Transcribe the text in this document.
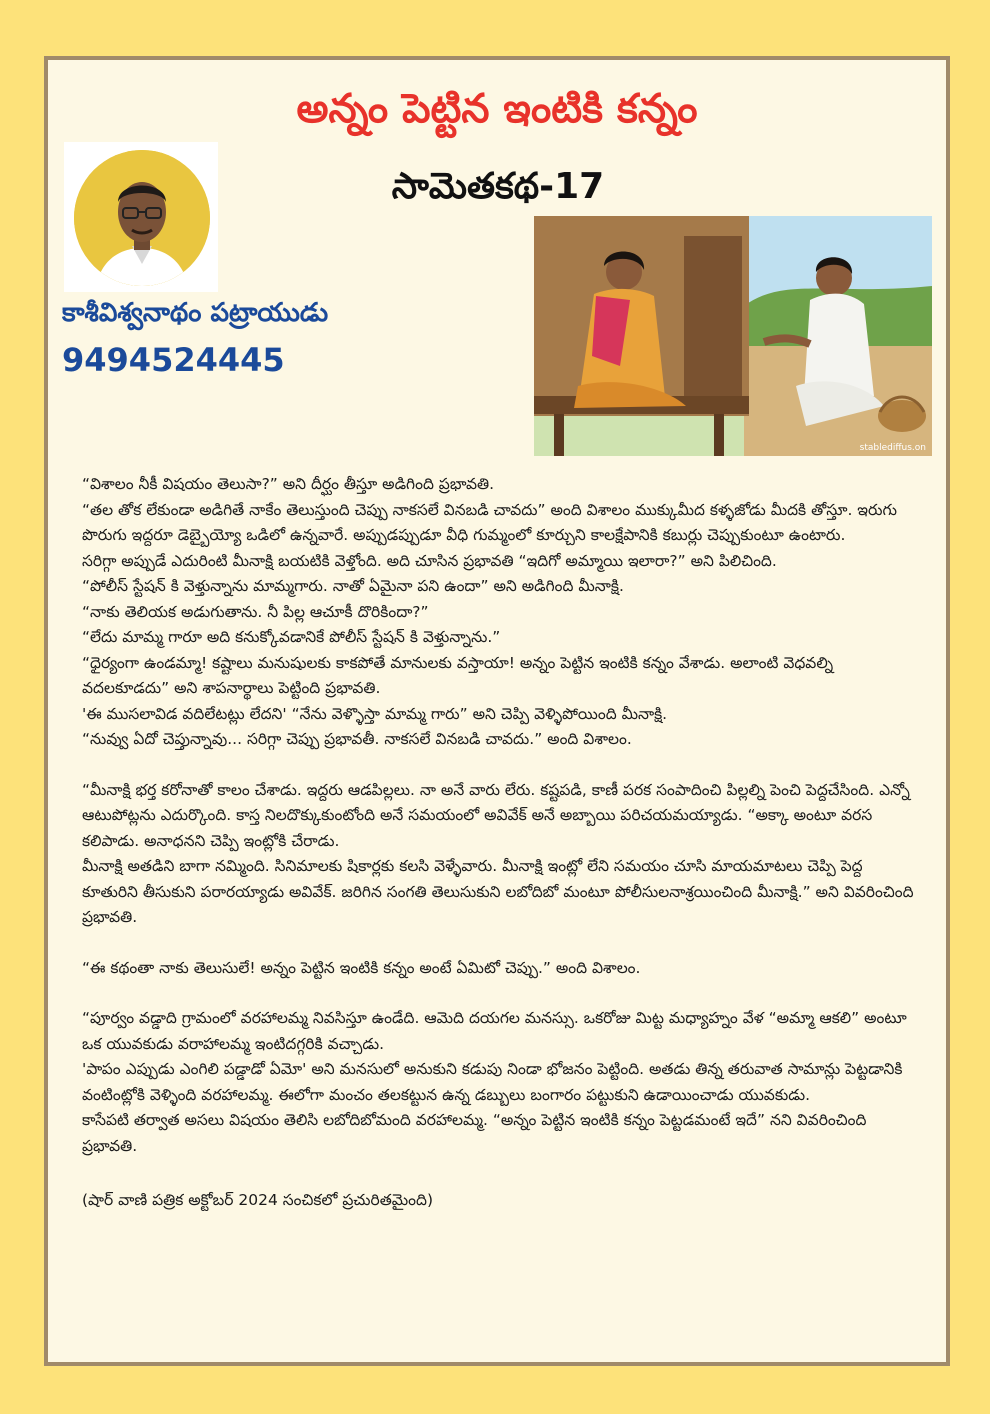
అన్నం పెట్టిన ఇంటికి కన్నం
సామెతకథ-17
కాశీవిశ్వనాథం పట్రాయుడు
9494524445
stablediffus.on

“విశాలం నీకీ విషయం తెలుసా?” అని దీర్ఘం తీస్తూ అడిగింది ప్రభావతి.

“తల తోక లేకుండా అడిగితే నాకేం తెలుస్తుంది చెప్పు నాకసలే వినబడి చావదు” అంది విశాలం ముక్కుమీద కళ్ళజోడు మీదకి తోస్తూ. ఇరుగు పొరుగు ఇద్దరూ డెబ్బైయ్యో ఒడిలో ఉన్నవారే. అప్పుడప్పుడూ వీధి గుమ్మంలో కూర్చుని కాలక్షేపానికి కబుర్లు చెప్పుకుంటూ ఉంటారు.

సరిగ్గా అప్పుడే ఎదురింటి మీనాక్షి బయటికి వెళ్తోంది. అది చూసిన ప్రభావతి “ఇదిగో అమ్మాయి ఇలారా?” అని పిలిచింది.

“పోలీస్ స్టేషన్ కి వెళ్తున్నాను మామ్మగారు. నాతో ఏమైనా పని ఉందా” అని అడిగింది మీనాక్షి.

“నాకు తెలియక అడుగుతాను. నీ పిల్ల ఆచూకీ దొరికిందా?”

“లేదు మామ్మ గారూ అది కనుక్కోవడానికే పోలీస్ స్టేషన్ కి వెళ్తున్నాను.”

“ధైర్యంగా ఉండమ్మా! కష్టాలు మనుషులకు కాకపోతే మానులకు వస్తాయా! అన్నం పెట్టిన ఇంటికి కన్నం వేశాడు. అలాంటి వెధవల్ని వదలకూడదు” అని శాపనార్థాలు పెట్టింది ప్రభావతి.

'ఈ ముసలావిడ వదిలేటట్లు లేదని' “నేను వెళ్ళొస్తా మామ్మ గారు” అని చెప్పి వెళ్ళిపోయింది మీనాక్షి.

“నువ్వు ఏదో చెప్తున్నావు... సరిగ్గా చెప్పు ప్రభావతీ. నాకసలే వినబడి చావదు.” అంది విశాలం.

“మీనాక్షి భర్త కరోనాతో కాలం చేశాడు. ఇద్దరు ఆడపిల్లలు. నా అనే వారు లేరు. కష్టపడి, కాణీ పరక సంపాదించి పిల్లల్ని పెంచి పెద్దచేసింది. ఎన్నో ఆటుపోట్లను ఎదుర్కొంది. కాస్త నిలదొక్కుకుంటోంది అనే సమయంలో అవివేక్ అనే అబ్బాయి పరిచయమయ్యాడు. “అక్కా అంటూ వరస కలిపాడు. అనాధనని చెప్పి ఇంట్లోకి చేరాడు.

మీనాక్షి అతడిని బాగా నమ్మింది. సినిమాలకు షికార్లకు కలసి వెళ్ళేవారు. మీనాక్షి ఇంట్లో లేని సమయం చూసి మాయమాటలు చెప్పి పెద్ద కూతురిని తీసుకుని పరారయ్యాడు అవివేక్. జరిగిన సంగతి తెలుసుకుని లబోదిబో మంటూ పోలీసులనాశ్రయించింది మీనాక్షి.” అని వివరించింది ప్రభావతి.

“ఈ కథంతా నాకు తెలుసులే! అన్నం పెట్టిన ఇంటికి కన్నం అంటే ఏమిటో చెప్పు.” అంది విశాలం.

“పూర్వం వడ్డాది గ్రామంలో వరహాలమ్మ నివసిస్తూ ఉండేది. ఆమెది దయగల మనస్సు. ఒకరోజు మిట్ట మధ్యాహ్నం వేళ “అమ్మా ఆకలి” అంటూ ఒక యువకుడు వరాహాలమ్మ ఇంటిదగ్గరికి వచ్చాడు.

'పాపం ఎప్పుడు ఎంగిలి పడ్డాడో ఏమో' అని మనసులో అనుకుని కడుపు నిండా భోజనం పెట్టింది. అతడు తిన్న తరువాత సామాన్లు పెట్టడానికి వంటింట్లోకి వెళ్ళింది వరహాలమ్మ. ఈలోగా మంచం తలకట్టున ఉన్న డబ్బులు బంగారం పట్టుకుని ఉడాయించాడు యువకుడు.

కాసేపటి తర్వాత అసలు విషయం తెలిసి లబోదిబోమంది వరహాలమ్మ. “అన్నం పెట్టిన ఇంటికి కన్నం పెట్టడమంటే ఇదే” నని వివరించింది ప్రభావతి.

(షార్ వాణి పత్రిక అక్టోబర్ 2024 సంచికలో ప్రచురితమైంది)
